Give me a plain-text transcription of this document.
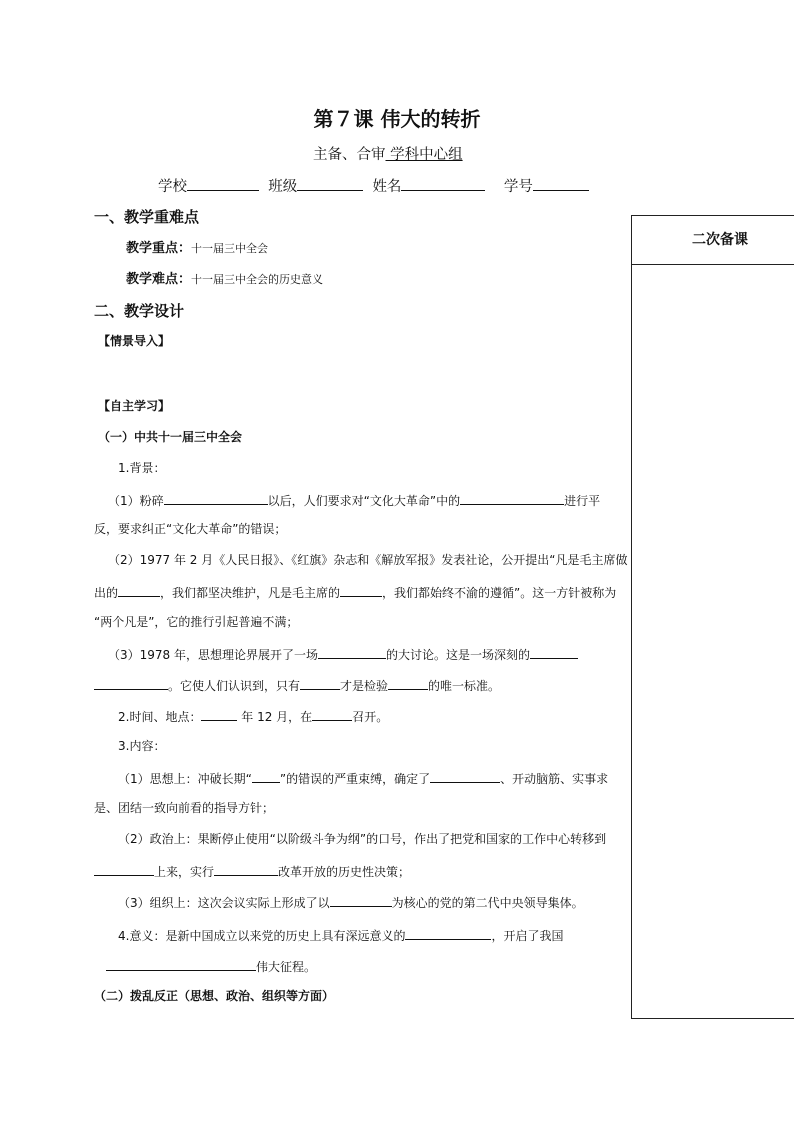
第７课 伟大的转折
主备、合审 学科中心组
学校	班级	姓名	学号
二次备课
一、教学重难点
教学重点：十一届三中全会
教学难点：十一届三中全会的历史意义
二、教学设计
【情景导入】
【自主学习】
（一）中共十一届三中全会
1.背景：
（1）粉碎	以后，人们要求对“文化大革命”中的	进行平
反，要求纠正“文化大革命”的错误；
（2）1977 年 2 月《人民日报》、《红旗》杂志和《解放军报》发表社论，公开提出“凡是毛主席做
出的	，我们都坚决维护，凡是毛主席的	，我们都始终不渝的遵循”。这一方针被称为
“两个凡是”，它的推行引起普遍不满；
（3）1978 年，思想理论界展开了一场	的大讨论。这是一场深刻的
。它使人们认识到，只有	才是检验	的唯一标准。
2.时间、地点：	年 12 月，在	召开。
3.内容：
（1）思想上：冲破长期“ ”的错误的严重束缚，确定了	、开动脑筋、实事求
是、团结一致向前看的指导方针；
（2）政治上：果断停止使用“以阶级斗争为纲”的口号，作出了把党和国家的工作中心转移到
上来，实行	改革开放的历史性决策；
（3）组织上：这次会议实际上形成了以	为核心的党的第二代中央领导集体。
4.意义：是新中国成立以来党的历史上具有深远意义的	，开启了我国
伟大征程。
（二）拨乱反正（思想、政治、组织等方面）
